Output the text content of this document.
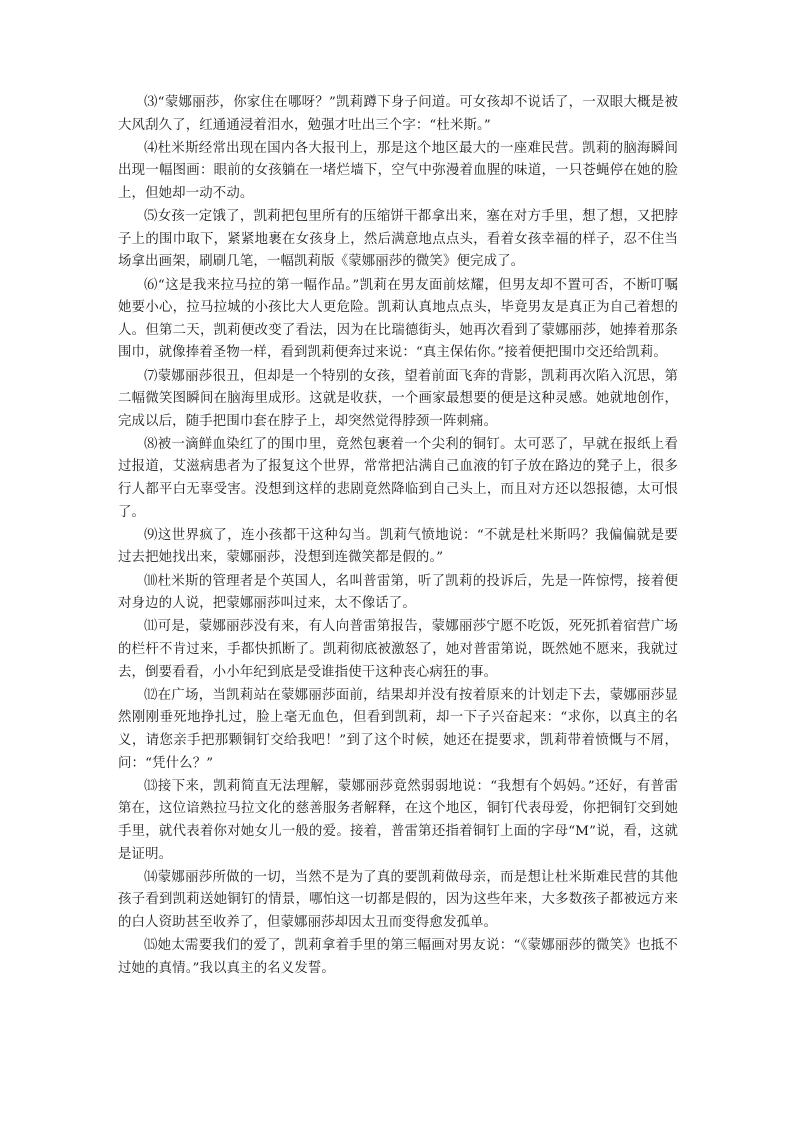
⑶“蒙娜丽莎，你家住在哪呀？”凯莉蹲下身子问道。可女孩却不说话了，一双眼大概是被大风刮久了，红通通浸着泪水，勉强才吐出三个字：“杜米斯。”

⑷杜米斯经常出现在国内各大报刊上，那是这个地区最大的一座难民营。凯莉的脑海瞬间出现一幅图画：眼前的女孩躺在一堵烂墙下，空气中弥漫着血腥的味道，一只苍蝇停在她的脸上，但她却一动不动。

⑸女孩一定饿了，凯莉把包里所有的压缩饼干都拿出来，塞在对方手里，想了想，又把脖子上的围巾取下，紧紧地裹在女孩身上，然后满意地点点头，看着女孩幸福的样子，忍不住当场拿出画架，刷刷几笔，一幅凯莉版《蒙娜丽莎的微笑》便完成了。

⑹“这是我来拉马拉的第一幅作品。”凯莉在男友面前炫耀，但男友却不置可否，不断叮嘱她要小心，拉马拉城的小孩比大人更危险。凯莉认真地点点头，毕竟男友是真正为自己着想的人。但第二天，凯莉便改变了看法，因为在比瑞德街头，她再次看到了蒙娜丽莎，她捧着那条围巾，就像捧着圣物一样，看到凯莉便奔过来说：“真主保佑你。”接着便把围巾交还给凯莉。

⑺蒙娜丽莎很丑，但却是一个特别的女孩，望着前面飞奔的背影，凯莉再次陷入沉思，第二幅微笑图瞬间在脑海里成形。这就是收获，一个画家最想要的便是这种灵感。她就地创作，完成以后，随手把围巾套在脖子上，却突然觉得脖颈一阵刺痛。

⑻被一滴鲜血染红了的围巾里，竟然包裹着一个尖利的铜钉。太可恶了，早就在报纸上看过报道，艾滋病患者为了报复这个世界，常常把沾满自己血液的钉子放在路边的凳子上，很多行人都平白无辜受害。没想到这样的悲剧竟然降临到自己头上，而且对方还以怨报德，太可恨了。

⑼这世界疯了，连小孩都干这种勾当。凯莉气愤地说：“不就是杜米斯吗？我偏偏就是要过去把她找出来，蒙娜丽莎，没想到连微笑都是假的。”

⑽杜米斯的管理者是个英国人，名叫普雷第，听了凯莉的投诉后，先是一阵惊愕，接着便对身边的人说，把蒙娜丽莎叫过来，太不像话了。

⑾可是，蒙娜丽莎没有来，有人向普雷第报告，蒙娜丽莎宁愿不吃饭，死死抓着宿营广场的栏杆不肯过来，手都快抓断了。凯莉彻底被激怒了，她对普雷第说，既然她不愿来，我就过去，倒要看看，小小年纪到底是受谁指使干这种丧心病狂的事。

⑿在广场，当凯莉站在蒙娜丽莎面前，结果却并没有按着原来的计划走下去，蒙娜丽莎显然刚刚垂死地挣扎过，脸上毫无血色，但看到凯莉，却一下子兴奋起来：“求你，以真主的名义，请您亲手把那颗铜钉交给我吧！”到了这个时候，她还在提要求，凯莉带着愤慨与不屑，问：“凭什么？”

⒀接下来，凯莉简直无法理解，蒙娜丽莎竟然弱弱地说：“我想有个妈妈。”还好，有普雷第在，这位谙熟拉马拉文化的慈善服务者解释，在这个地区，铜钉代表母爱，你把铜钉交到她手里，就代表着你对她女儿一般的爱。接着，普雷第还指着铜钉上面的字母“M”说，看，这就是证明。

⒁蒙娜丽莎所做的一切，当然不是为了真的要凯莉做母亲，而是想让杜米斯难民营的其他孩子看到凯莉送她铜钉的情景，哪怕这一切都是假的，因为这些年来，大多数孩子都被远方来的白人资助甚至收养了，但蒙娜丽莎却因太丑而变得愈发孤单。

⒂她太需要我们的爱了，凯莉拿着手里的第三幅画对男友说：“《蒙娜丽莎的微笑》也抵不过她的真情。”我以真主的名义发誓。
